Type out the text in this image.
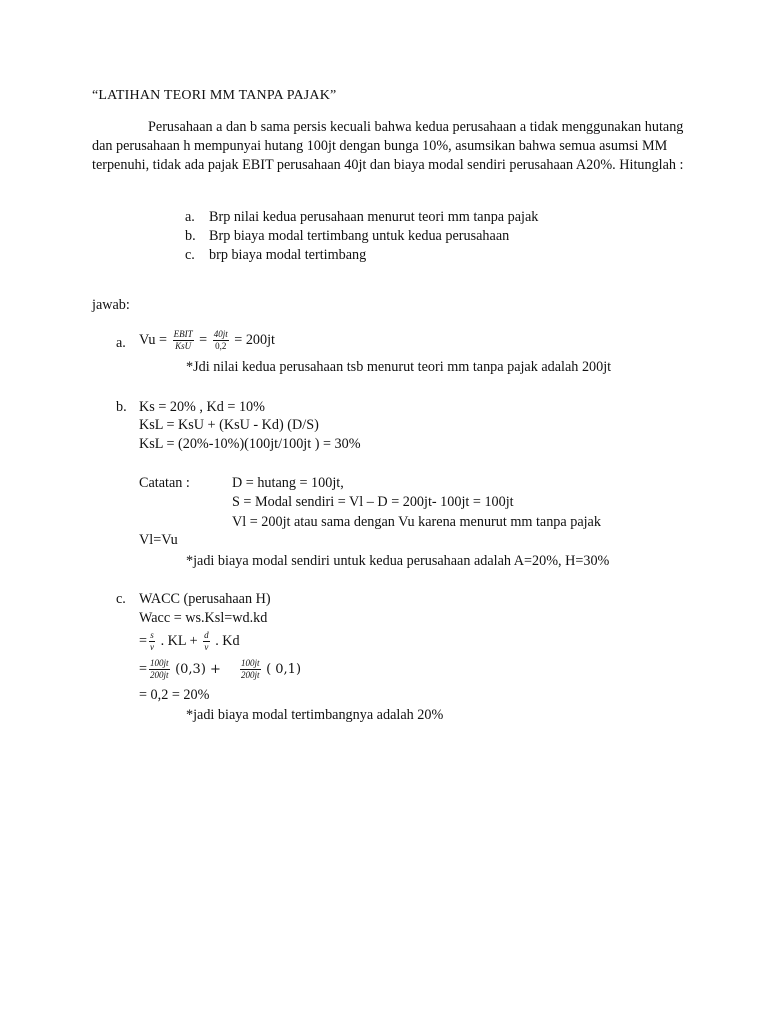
“LATIHAN TEORI MM TANPA PAJAK”

Perusahaan a dan b sama persis kecuali bahwa kedua perusahaan a tidak menggunakan hutang dan perusahaan h mempunyai hutang 100jt dengan bunga 10%, asumsikan bahwa semua asumsi MM terpenuhi, tidak ada pajak EBIT perusahaan 40jt dan biaya modal sendiri perusahaan A20%. Hitunglah :

a. Brp nilai kedua perusahaan menurut teori mm tanpa pajak
b. Brp biaya modal tertimbang untuk kedua perusahaan
c. brp biaya modal tertimbang
jawab:
a. $Vu = \frac{\text{EBIT}}{\text{KsU}} = \frac{40jt}{0,2} = 200jt$
*Jdi nilai kedua perusahaan tsb menurut teori mm tanpa pajak adalah 200jt
b. Ks = 20% , Kd = 10%
KsL = KsU + (KsU - Kd) (D/S)
KsL = (20%-10%)(100jt/100jt ) = 30%
Catatan :	D = hutang = 100jt,
S = Modal sendiri = Vl – D = 200jt- 100jt = 100jt
Vl = 200jt atau sama dengan Vu karena menurut mm tanpa pajak
Vl=Vu
*jadi biaya modal sendiri untuk kedua perusahaan adalah A=20%, H=30%
c. WACC (perusahaan H)
Wacc = ws.Ksl=wd.kd
= $\frac{s}{v}$ . KL + $\frac{d}{v}$ . Kd
= $\frac{100jt}{200jt} (0,3) + \frac{100jt}{200jt}$ ( 0,1)
= 0,2 = 20%
*jadi biaya modal tertimbangnya adalah 20%
